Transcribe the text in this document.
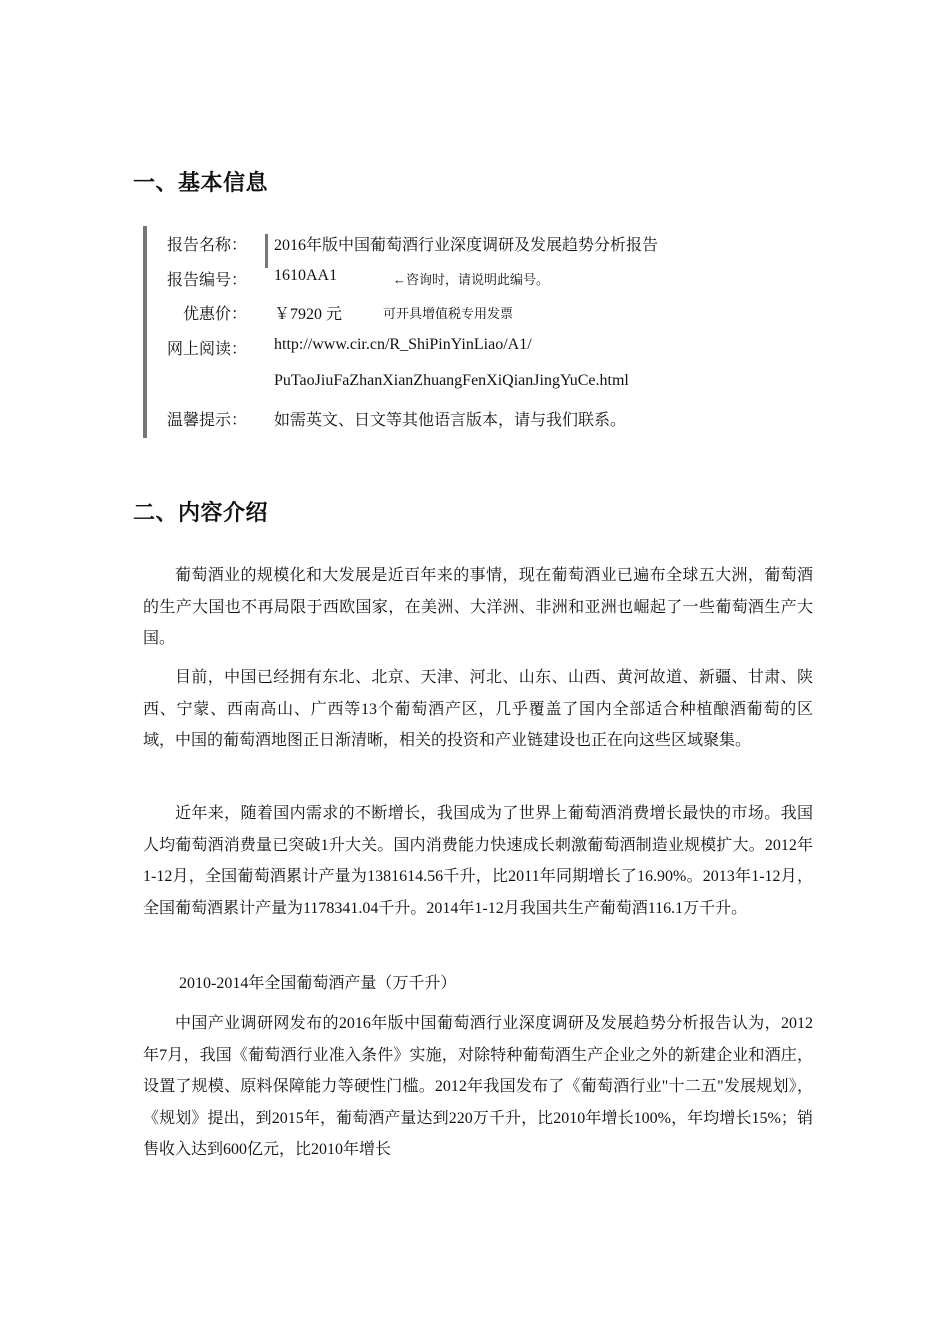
一、基本信息
报告名称： 2016年版中国葡萄酒行业深度调研及发展趋势分析报告
报告编号： 1610AA1	←咨询时，请说明此编号。
优惠价： ￥7920 元	可开具增值税专用发票
网上阅读： http://www.cir.cn/R_ShiPinYinLiao/A1/
PuTaoJiuFaZhanXianZhuangFenXiQianJingYuCe.html
温馨提示： 如需英文、日文等其他语言版本，请与我们联系。
二、内容介绍

葡萄酒业的规模化和大发展是近百年来的事情，现在葡萄酒业已遍布全球五大洲，葡萄酒的生产大国也不再局限于西欧国家，在美洲、大洋洲、非洲和亚洲也崛起了一些葡萄酒生产大国。

目前，中国已经拥有东北、北京、天津、河北、山东、山西、黄河故道、新疆、甘肃、陕西、宁蒙、西南高山、广西等13个葡萄酒产区，几乎覆盖了国内全部适合种植酿酒葡萄的区域，中国的葡萄酒地图正日渐清晰，相关的投资和产业链建设也正在向这些区域聚集。

近年来，随着国内需求的不断增长，我国成为了世界上葡萄酒消费增长最快的市场。我国人均葡萄酒消费量已突破1升大关。国内消费能力快速成长刺激葡萄酒制造业规模扩大。2012年1-12月，全国葡萄酒累计产量为1381614.56千升，比2011年同期增长了16.90%。2013年1-12月，全国葡萄酒累计产量为1178341.04千升。2014年1-12月我国共生产葡萄酒116.1万千升。

2010-2014年全国葡萄酒产量（万千升）

中国产业调研网发布的2016年版中国葡萄酒行业深度调研及发展趋势分析报告认为，2012年7月，我国《葡萄酒行业准入条件》实施，对除特种葡萄酒生产企业之外的新建企业和酒庄，设置了规模、原料保障能力等硬性门槛。2012年我国发布了《葡萄酒行业"十二五"发展规划》，《规划》提出，到2015年，葡萄酒产量达到220万千升，比2010年增长100%，年均增长15%；销售收入达到600亿元，比2010年增长
